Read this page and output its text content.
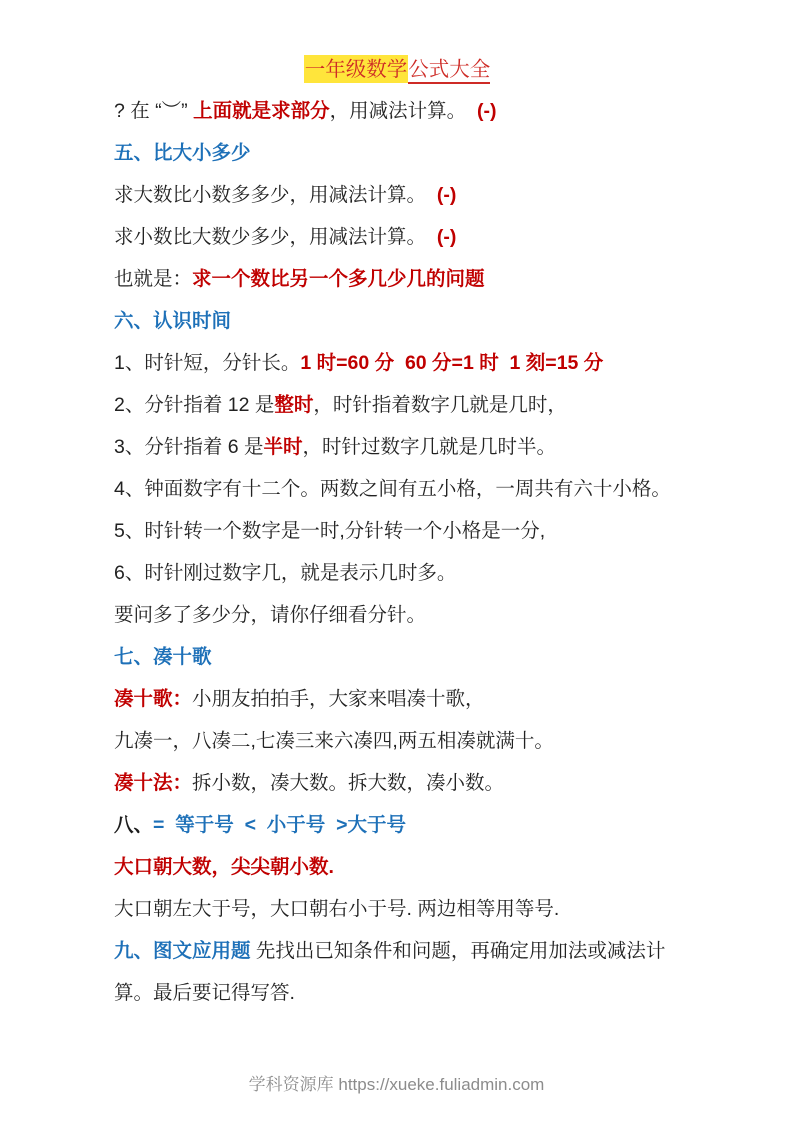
一年级数学公式大全

? 在 “︶” 上面就是求部分，用减法计算。  (-)

五、比大小多少

求大数比小数多多少，用减法计算。  (-)

求小数比大数少多少，用减法计算。  (-)

也就是：求一个数比另一个多几少几的问题

六、认识时间

1、时针短，分针长。1 时=60 分  60 分=1 时  1 刻=15 分

2、分针指着 12 是整时，时针指着数字几就是几时，

3、分针指着 6 是半时，时针过数字几就是几时半。

4、钟面数字有十二个。两数之间有五小格，一周共有六十小格。

5、时针转一个数字是一时,分针转一个小格是一分,

6、时针刚过数字几，就是表示几时多。

要问多了多少分，请你仔细看分针。

七、凑十歌

凑十歌：小朋友拍拍手，大家来唱凑十歌，

九凑一，八凑二,七凑三来六凑四,两五相凑就满十。

凑十法：拆小数，凑大数。拆大数，凑小数。

八、=  等于号  <  小于号  >大于号

大口朝大数，尖尖朝小数.

大口朝左大于号，大口朝右小于号. 两边相等用等号.

九、图文应用题 先找出已知条件和问题，再确定用加法或减法计算。最后要记得写答.

学科资源库 https://xueke.fuliadmin.com
